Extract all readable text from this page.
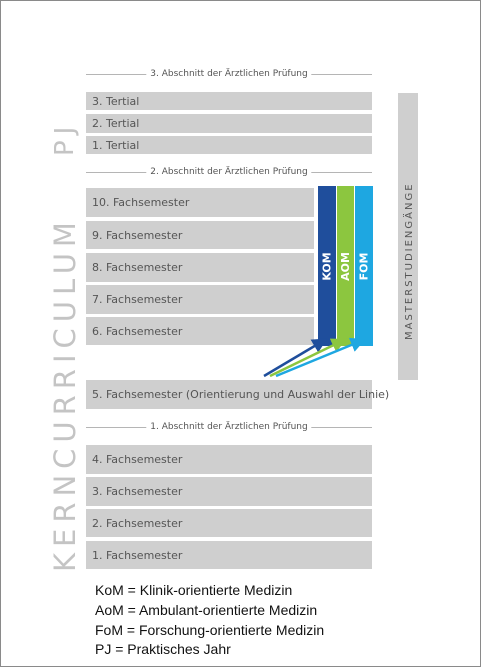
PJ
KERNCURRICULUM
3. Abschnitt der Ärztlichen Prüfung
2. Abschnitt der Ärztlichen Prüfung
1. Abschnitt der Ärztlichen Prüfung
3. Tertial
2. Tertial
1. Tertial
10. Fachsemester
9. Fachsemester
8. Fachsemester
7. Fachsemester
6. Fachsemester
KOM AOM FOM
5. Fachsemester (Orientierung und Auswahl der Linie)
4. Fachsemester
3. Fachsemester
2. Fachsemester
1. Fachsemester
MASTERSTUDIENGÄNGE
KoM = Klinik-orientierte Medizin
AoM = Ambulant-orientierte Medizin
FoM = Forschung-orientierte Medizin
PJ = Praktisches Jahr
